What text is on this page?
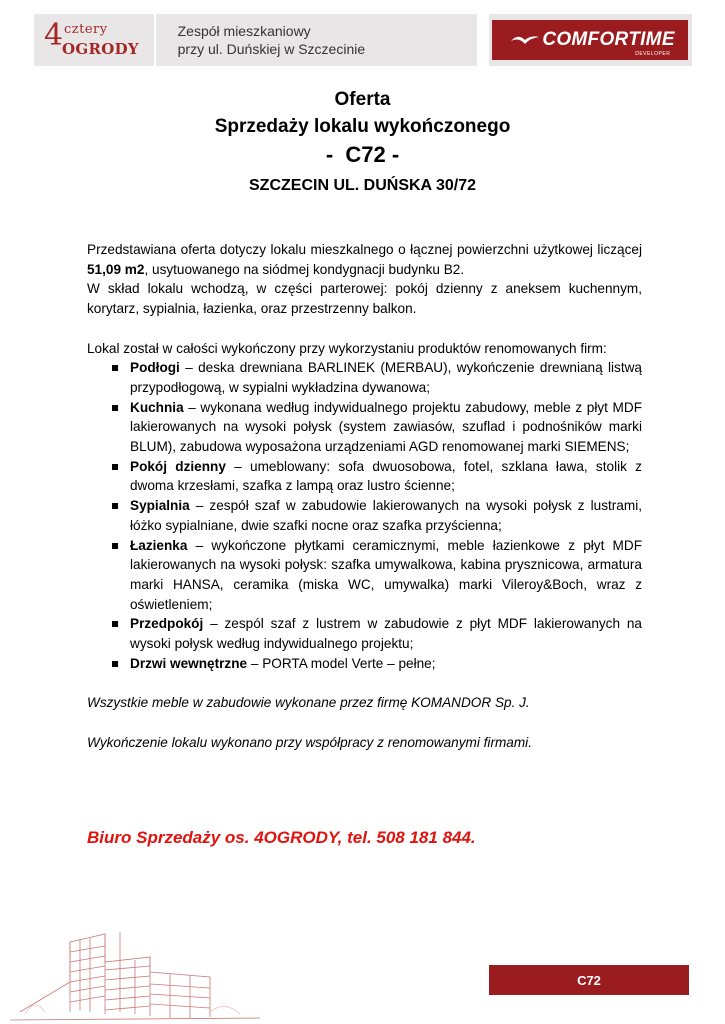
4 cztery
OGRODY
Zespół mieszkaniowy
przy ul. Duńskiej w Szczecinie	COMFORTIME
DEVELOPER
Oferta
Sprzedaży lokalu wykończonego
-  C72 -
SZCZECIN UL. DUŃSKA 30/72

Przedstawiana oferta dotyczy lokalu mieszkalnego o łącznej powierzchni użytkowej liczącej 51,09 m2, usytuowanego na siódmej kondygnacji budynku B2.

W skład lokalu wchodzą, w części parterowej: pokój dzienny z aneksem kuchennym, korytarz, sypialnia, łazienka, oraz przestrzenny balkon.

Lokal został w całości wykończony przy wykorzystaniu produktów renomowanych firm:

Podłogi – deska drewniana BARLINEK (MERBAU), wykończenie drewnianą listwą przypodłogową, w sypialni wykładzina dywanowa;
Kuchnia – wykonana według indywidualnego projektu zabudowy, meble z płyt MDF lakierowanych na wysoki połysk (system zawiasów, szuflad i podnośników marki BLUM), zabudowa wyposażona urządzeniami AGD renomowanej marki SIEMENS;
Pokój dzienny – umeblowany: sofa dwuosobowa, fotel, szklana ława, stolik z dwoma krzesłami, szafka z lampą oraz lustro ścienne;
Sypialnia – zespół szaf w zabudowie lakierowanych na wysoki połysk z lustrami, łóżko sypialniane, dwie szafki nocne oraz szafka przyścienna;
Łazienka – wykończone płytkami ceramicznymi, meble łazienkowe z płyt MDF lakierowanych na wysoki połysk: szafka umywalkowa, kabina prysznicowa, armatura marki HANSA, ceramika (miska WC, umywalka) marki Vileroy&Boch, wraz z oświetleniem;
Przedpokój – zespól szaf z lustrem w zabudowie z płyt MDF lakierowanych na wysoki połysk według indywidualnego projektu;
Drzwi wewnętrzne – PORTA model Verte – pełne;

Wszystkie meble w zabudowie wykonane przez firmę KOMANDOR Sp. J.

Wykończenie lokalu wykonano przy współpracy z renomowanymi firmami.

Biuro Sprzedaży os. 4OGRODY, tel. 508 181 844.
C72
